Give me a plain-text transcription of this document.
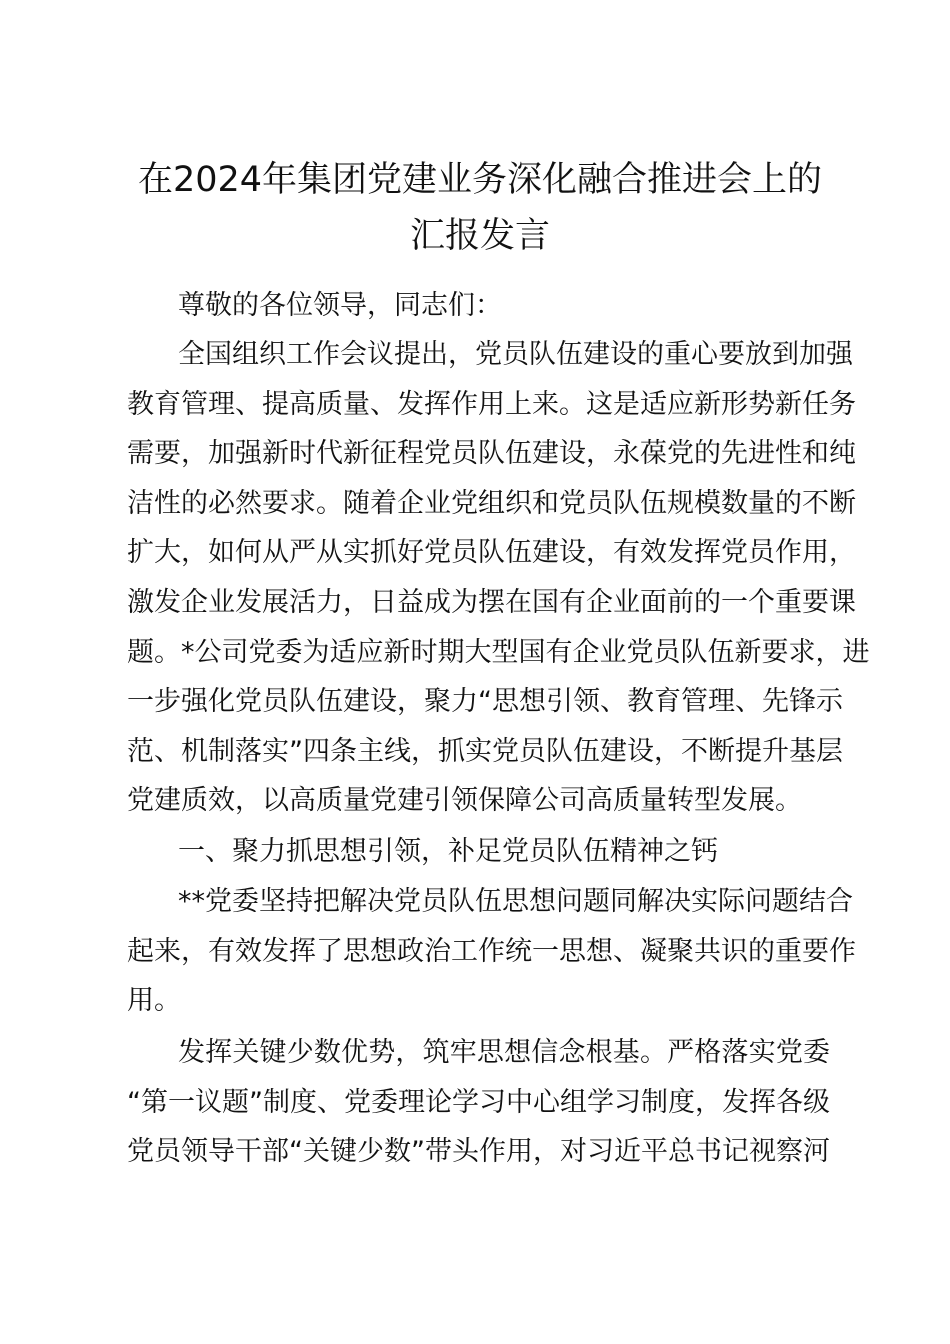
在2024年集团党建业务深化融合推进会上的
汇报发言

尊敬的各位领导，同志们：

全国组织工作会议提出，党员队伍建设的重心要放到加强

教育管理、提高质量、发挥作用上来。这是适应新形势新任务

需要，加强新时代新征程党员队伍建设，永葆党的先进性和纯

洁性的必然要求。随着企业党组织和党员队伍规模数量的不断

扩大，如何从严从实抓好党员队伍建设，有效发挥党员作用，

激发企业发展活力，日益成为摆在国有企业面前的一个重要课

题。*公司党委为适应新时期大型国有企业党员队伍新要求，进

一步强化党员队伍建设，聚力“思想引领、教育管理、先锋示

范、机制落实”四条主线，抓实党员队伍建设，不断提升基层

党建质效，以高质量党建引领保障公司高质量转型发展。

一、聚力抓思想引领，补足党员队伍精神之钙

**党委坚持把解决党员队伍思想问题同解决实际问题结合

起来，有效发挥了思想政治工作统一思想、凝聚共识的重要作

用。

发挥关键少数优势，筑牢思想信念根基。严格落实党委

“第一议题”制度、党委理论学习中心组学习制度，发挥各级

党员领导干部“关键少数”带头作用，对习近平总书记视察河
